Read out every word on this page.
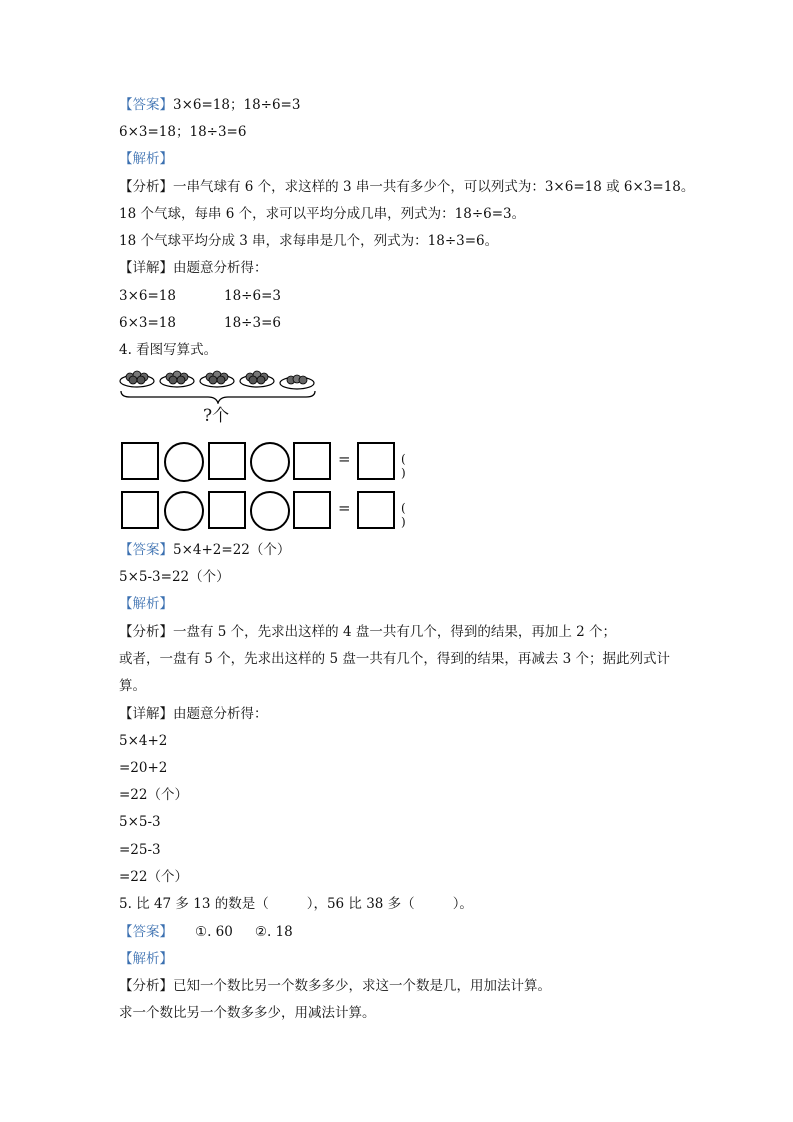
【答案】3×6=18；18÷6=3
6×3=18；18÷3=6
【解析】
【分析】一串气球有 6 个，求这样的 3 串一共有多少个，可以列式为：3×6=18 或 6×3=18。
18 个气球，每串 6 个，求可以平均分成几串，列式为：18÷6=3。
18 个气球平均分成 3 串，求每串是几个，列式为：18÷3=6。
【详解】由题意分析得：
3×6=18	18÷6=3
6×3=18	18÷3=6
4. 看图写算式。
?个
=	( )
=	( )
【答案】5×4+2=22（个）
5×5-3=22（个）
【解析】
【分析】一盘有 5 个，先求出这样的 4 盘一共有几个，得到的结果，再加上 2 个；
或者，一盘有 5 个，先求出这样的 5 盘一共有几个，得到的结果，再减去 3 个；据此列式计
算。
【详解】由题意分析得：
5×4+2
=20+2
=22（个）
5×5-3
=25-3
=22（个）
5. 比 47 多 13 的数是（	），56 比 38 多（	）。
【答案】 ①. 60 ②. 18
【解析】
【分析】已知一个数比另一个数多多少，求这一个数是几，用加法计算。
求一个数比另一个数多多少，用减法计算。
